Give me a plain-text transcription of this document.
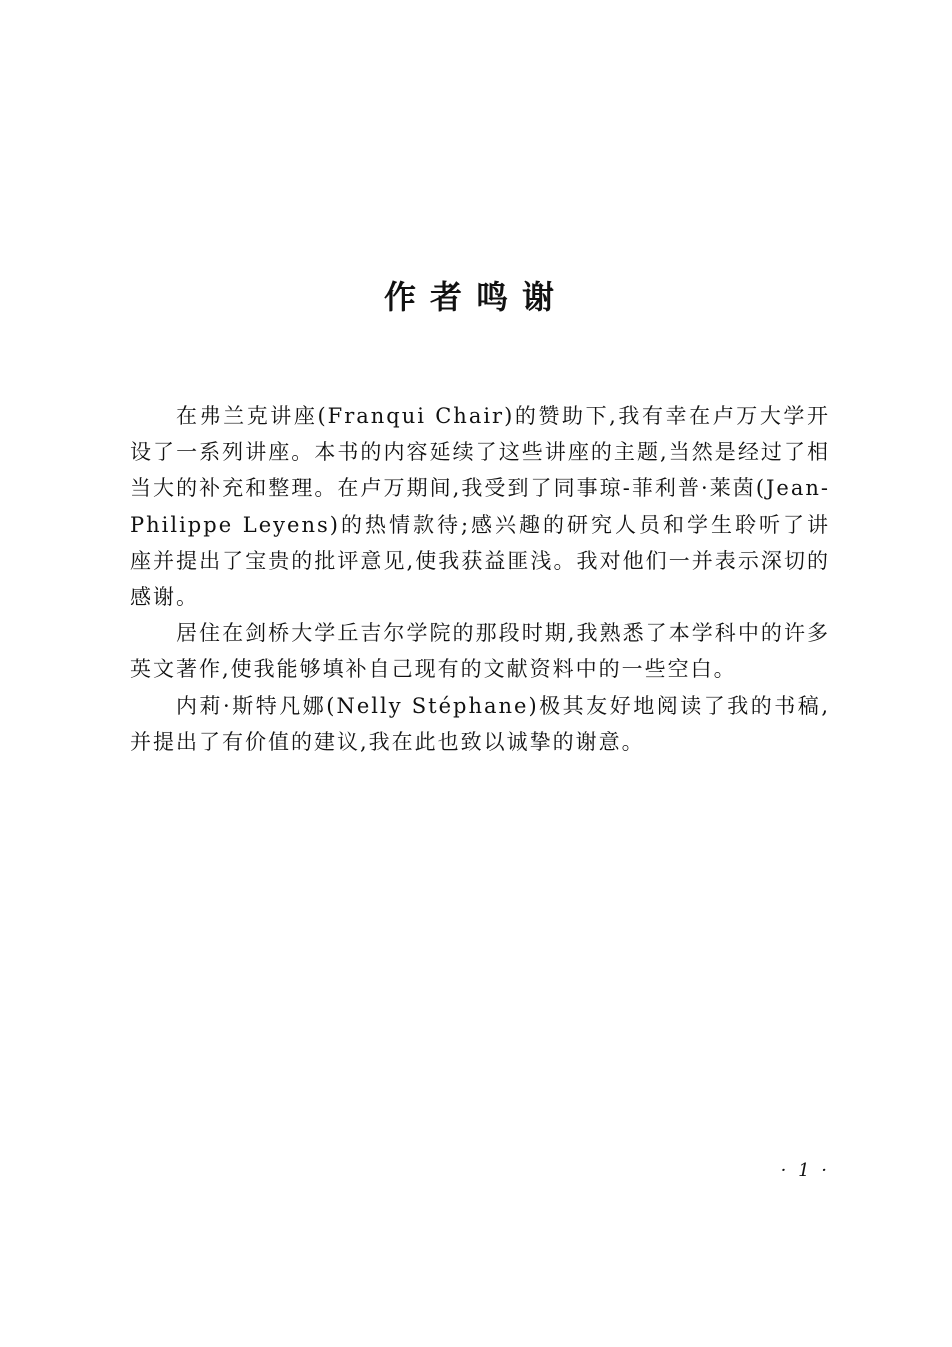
作者鸣谢

在弗兰克讲座(Franqui Chair)的赞助下,我有幸在卢万大学开设了一系列讲座。本书的内容延续了这些讲座的主题,当然是经过了相当大的补充和整理。在卢万期间,我受到了同事琼-菲利普·莱茵(Jean-Philippe Leyens)的热情款待;感兴趣的研究人员和学生聆听了讲座并提出了宝贵的批评意见,使我获益匪浅。我对他们一并表示深切的感谢。

居住在剑桥大学丘吉尔学院的那段时期,我熟悉了本学科中的许多英文著作,使我能够填补自己现有的文献资料中的一些空白。

内莉·斯特凡娜(Nelly Stéphane)极其友好地阅读了我的书稿,并提出了有价值的建议,我在此也致以诚挚的谢意。

· 1 ·
